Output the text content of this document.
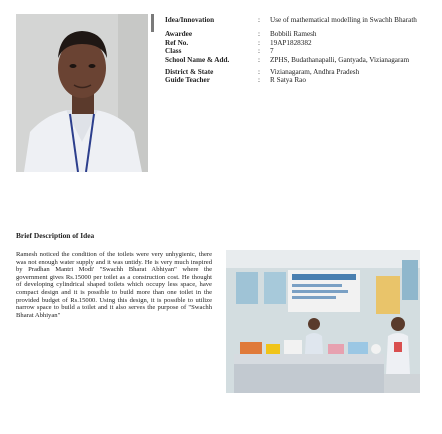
Idea/Innovation	:	Use of mathematical modelling in Swachh Bharath
Awardee	:	Bobbili Ramesh
Ref No.	:	19AP1828382
Class	:	7
School Name & Add.	:	ZPHS, Budathanapalli, Gantyada, Vizianagaram
District & State	:	Vizianagaram, Andhra Pradesh
Guide Teacher	:	R Satya Rao
Brief Description of Idea
Ramesh noticed the condition of the toilets were very unhygienic, there was not enough water supply and it was untidy. He is very much inspired by Pradhan Mantri Modi' "Swachh Bharat Abhiyan" where the government gives Rs.15000 per toilet as a construction cost. He thought of developing cylindrical shaped toilets which occupy less space, have compact design and it is possible to build more than one toilet in the provided budget of Rs.15000. Using this design, it is possible to utilize narrow space to build a toilet and it also serves the purpose of "Swachh Bharat Abhiyan"
